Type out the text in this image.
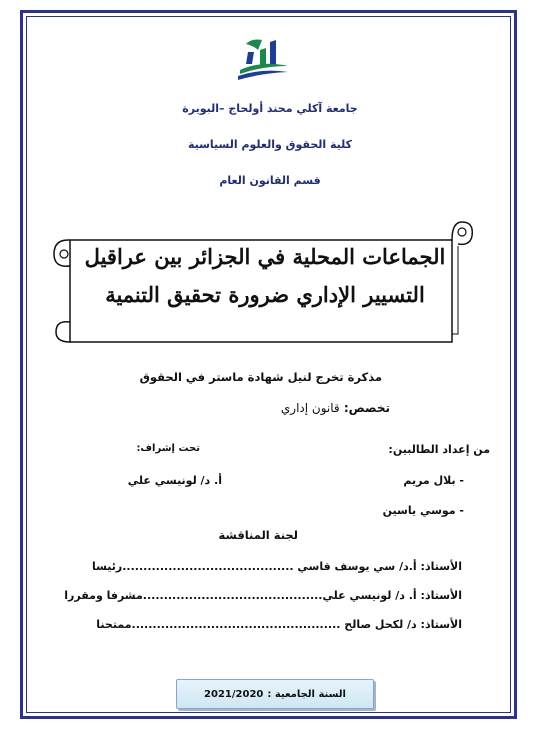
جامعة آكلي محند أولحاج –البويرة
كلية الحقوق والعلوم السياسية
قسم القانون العام
الجماعات المحلية في الجزائر بين عراقيل
التسيير الإداري ضرورة تحقيق التنمية
مذكرة تخرج لنيل شهادة ماستر في الحقوق
تخصص: قانون إداري
من إعداد الطالبين:
تحت إشراف:
- بلال مريم
أ. د/ لونيسي علي
- موسي ياسين
لجنة المناقشة
الأستاذ: أ.د/ سي يوسف قاسي .........................................رئيسا
الأستاذ: أ. د/ لونيسي علي...........................................مشرفا ومقررا
الأستاذ: د/ لكحل صالح ..................................................ممتحنا
السنة الجامعية :
2021/2020
